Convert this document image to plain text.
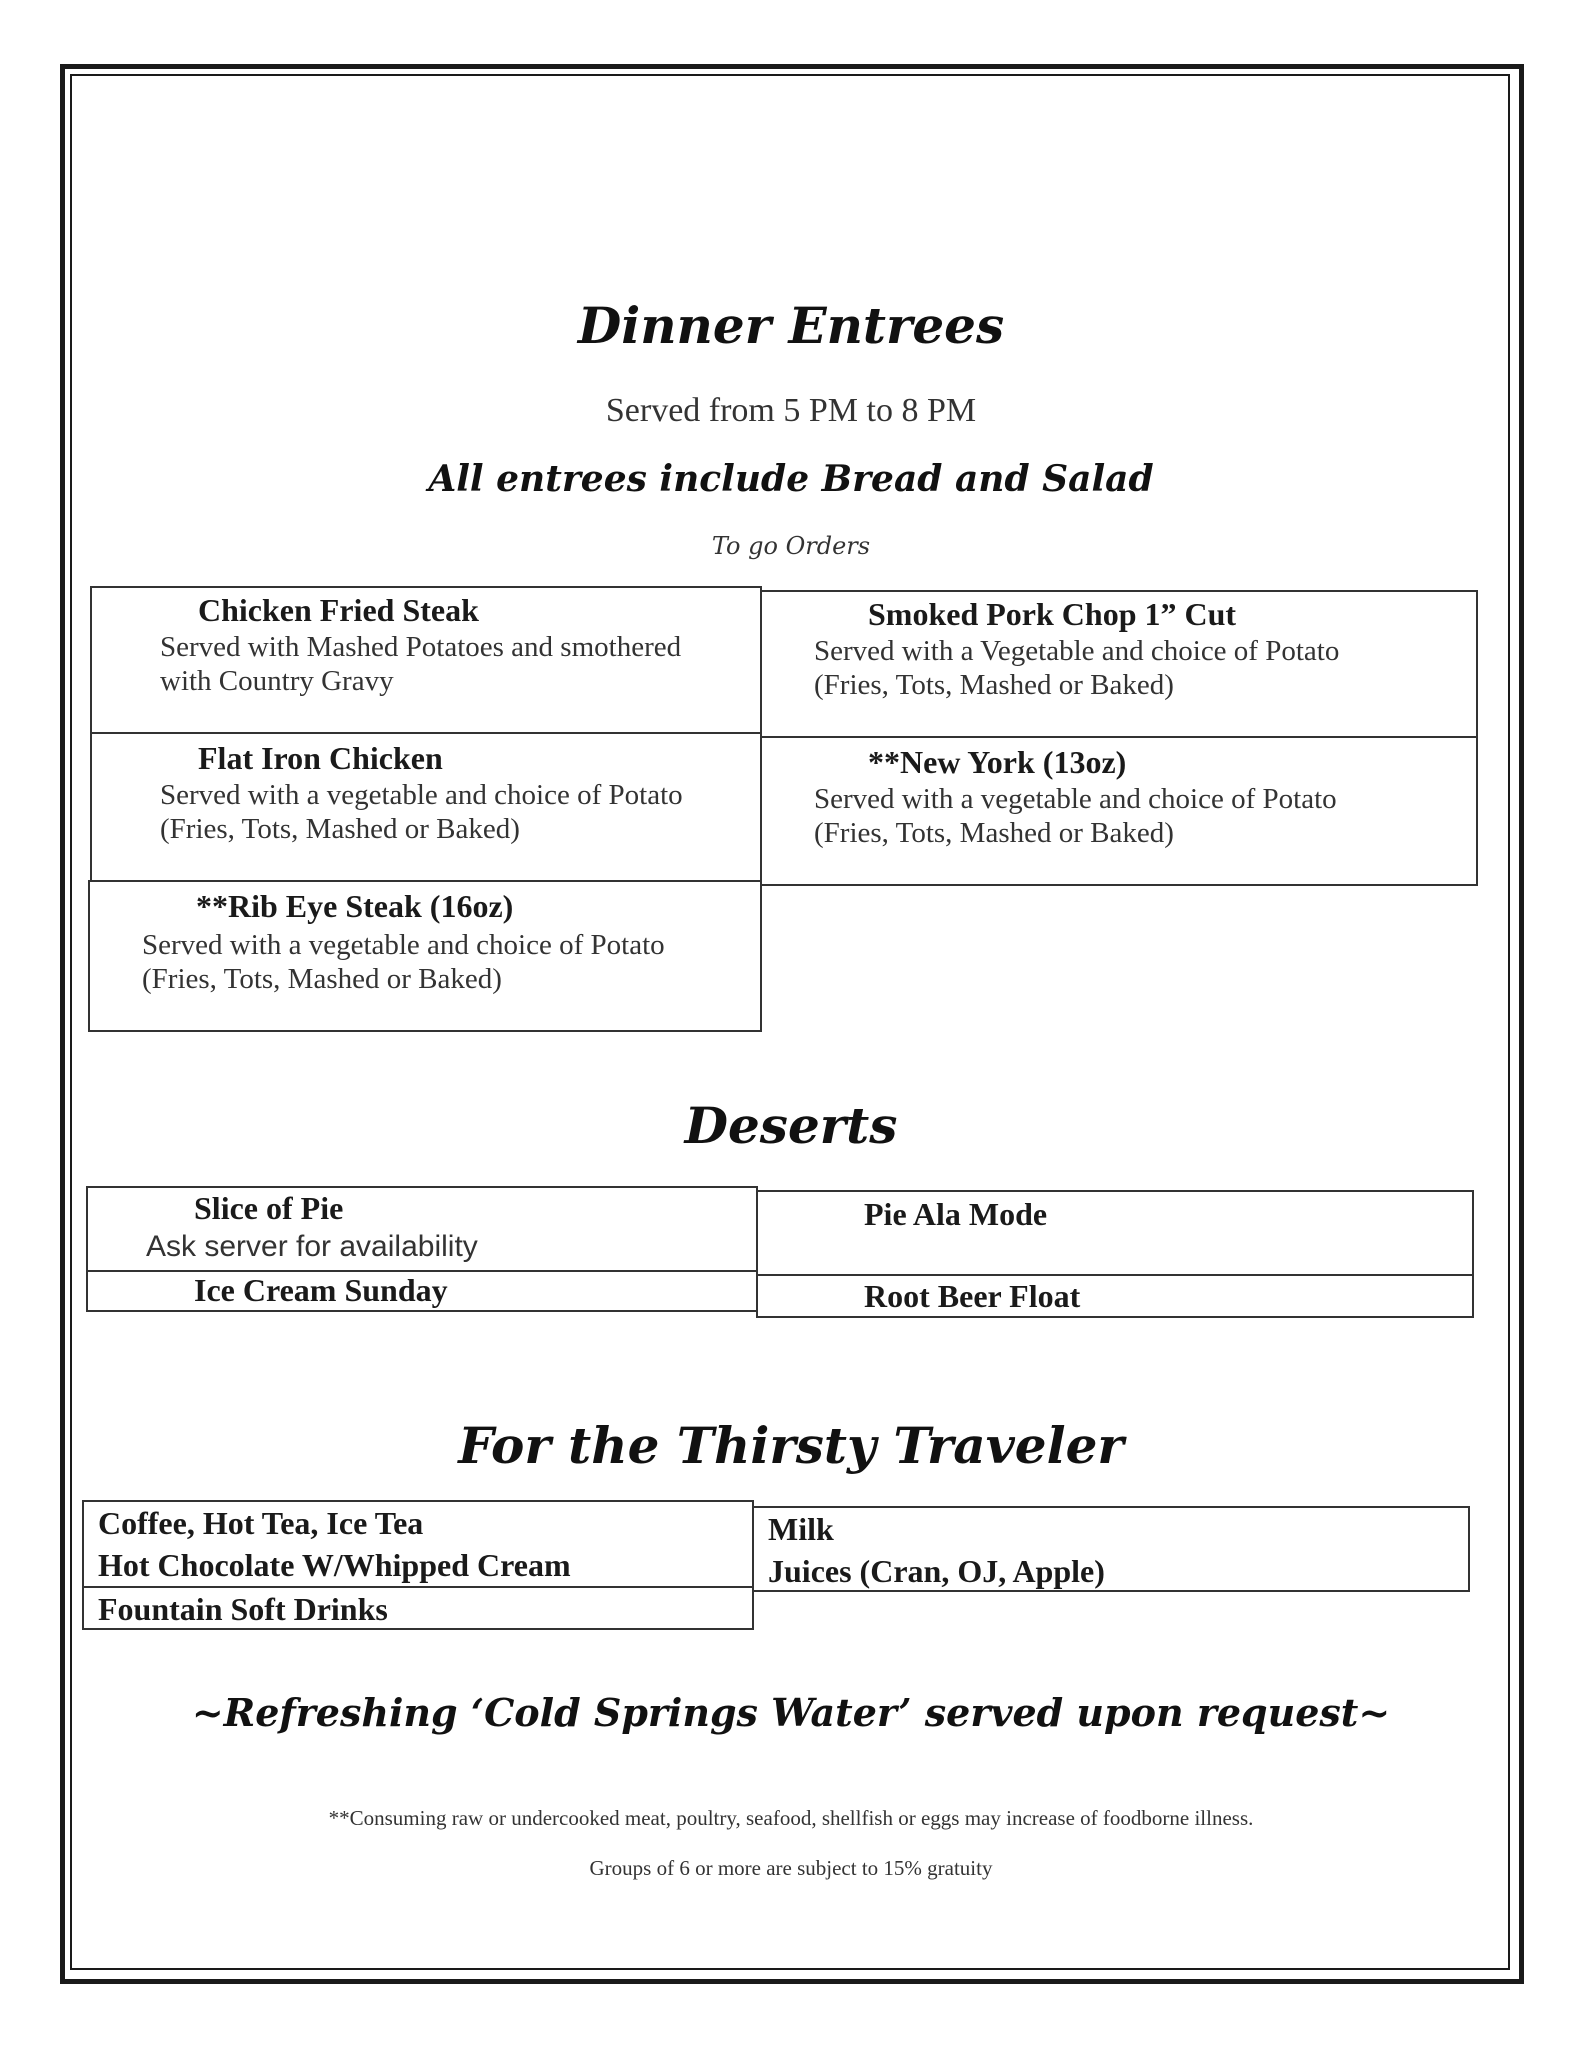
Dinner Entrees
Served from 5 PM to 8 PM
All entrees include Bread and Salad
To go Orders
Chicken Fried Steak
Served with Mashed Potatoes and smothered
with Country Gravy
Smoked Pork Chop 1” Cut
Served with a Vegetable and choice of Potato
(Fries, Tots, Mashed or Baked)
Flat Iron Chicken
Served with a vegetable and choice of Potato
(Fries, Tots, Mashed or Baked)
**New York (13oz)
Served with a vegetable and choice of Potato
(Fries, Tots, Mashed or Baked)
**Rib Eye Steak (16oz)
Served with a vegetable and choice of Potato
(Fries, Tots, Mashed or Baked)
Deserts
Slice of Pie
Ask server for availability
Pie Ala Mode
Ice Cream Sunday	Root Beer Float
For the Thirsty Traveler
Coffee, Hot Tea, Ice Tea
Hot Chocolate W/Whipped Cream
Milk
Juices (Cran, OJ, Apple)
Fountain Soft Drinks
~Refreshing ‘Cold Springs Water’ served upon request~
**Consuming raw or undercooked meat, poultry, seafood, shellfish or eggs may increase of foodborne illness.
Groups of 6 or more are subject to 15% gratuity
